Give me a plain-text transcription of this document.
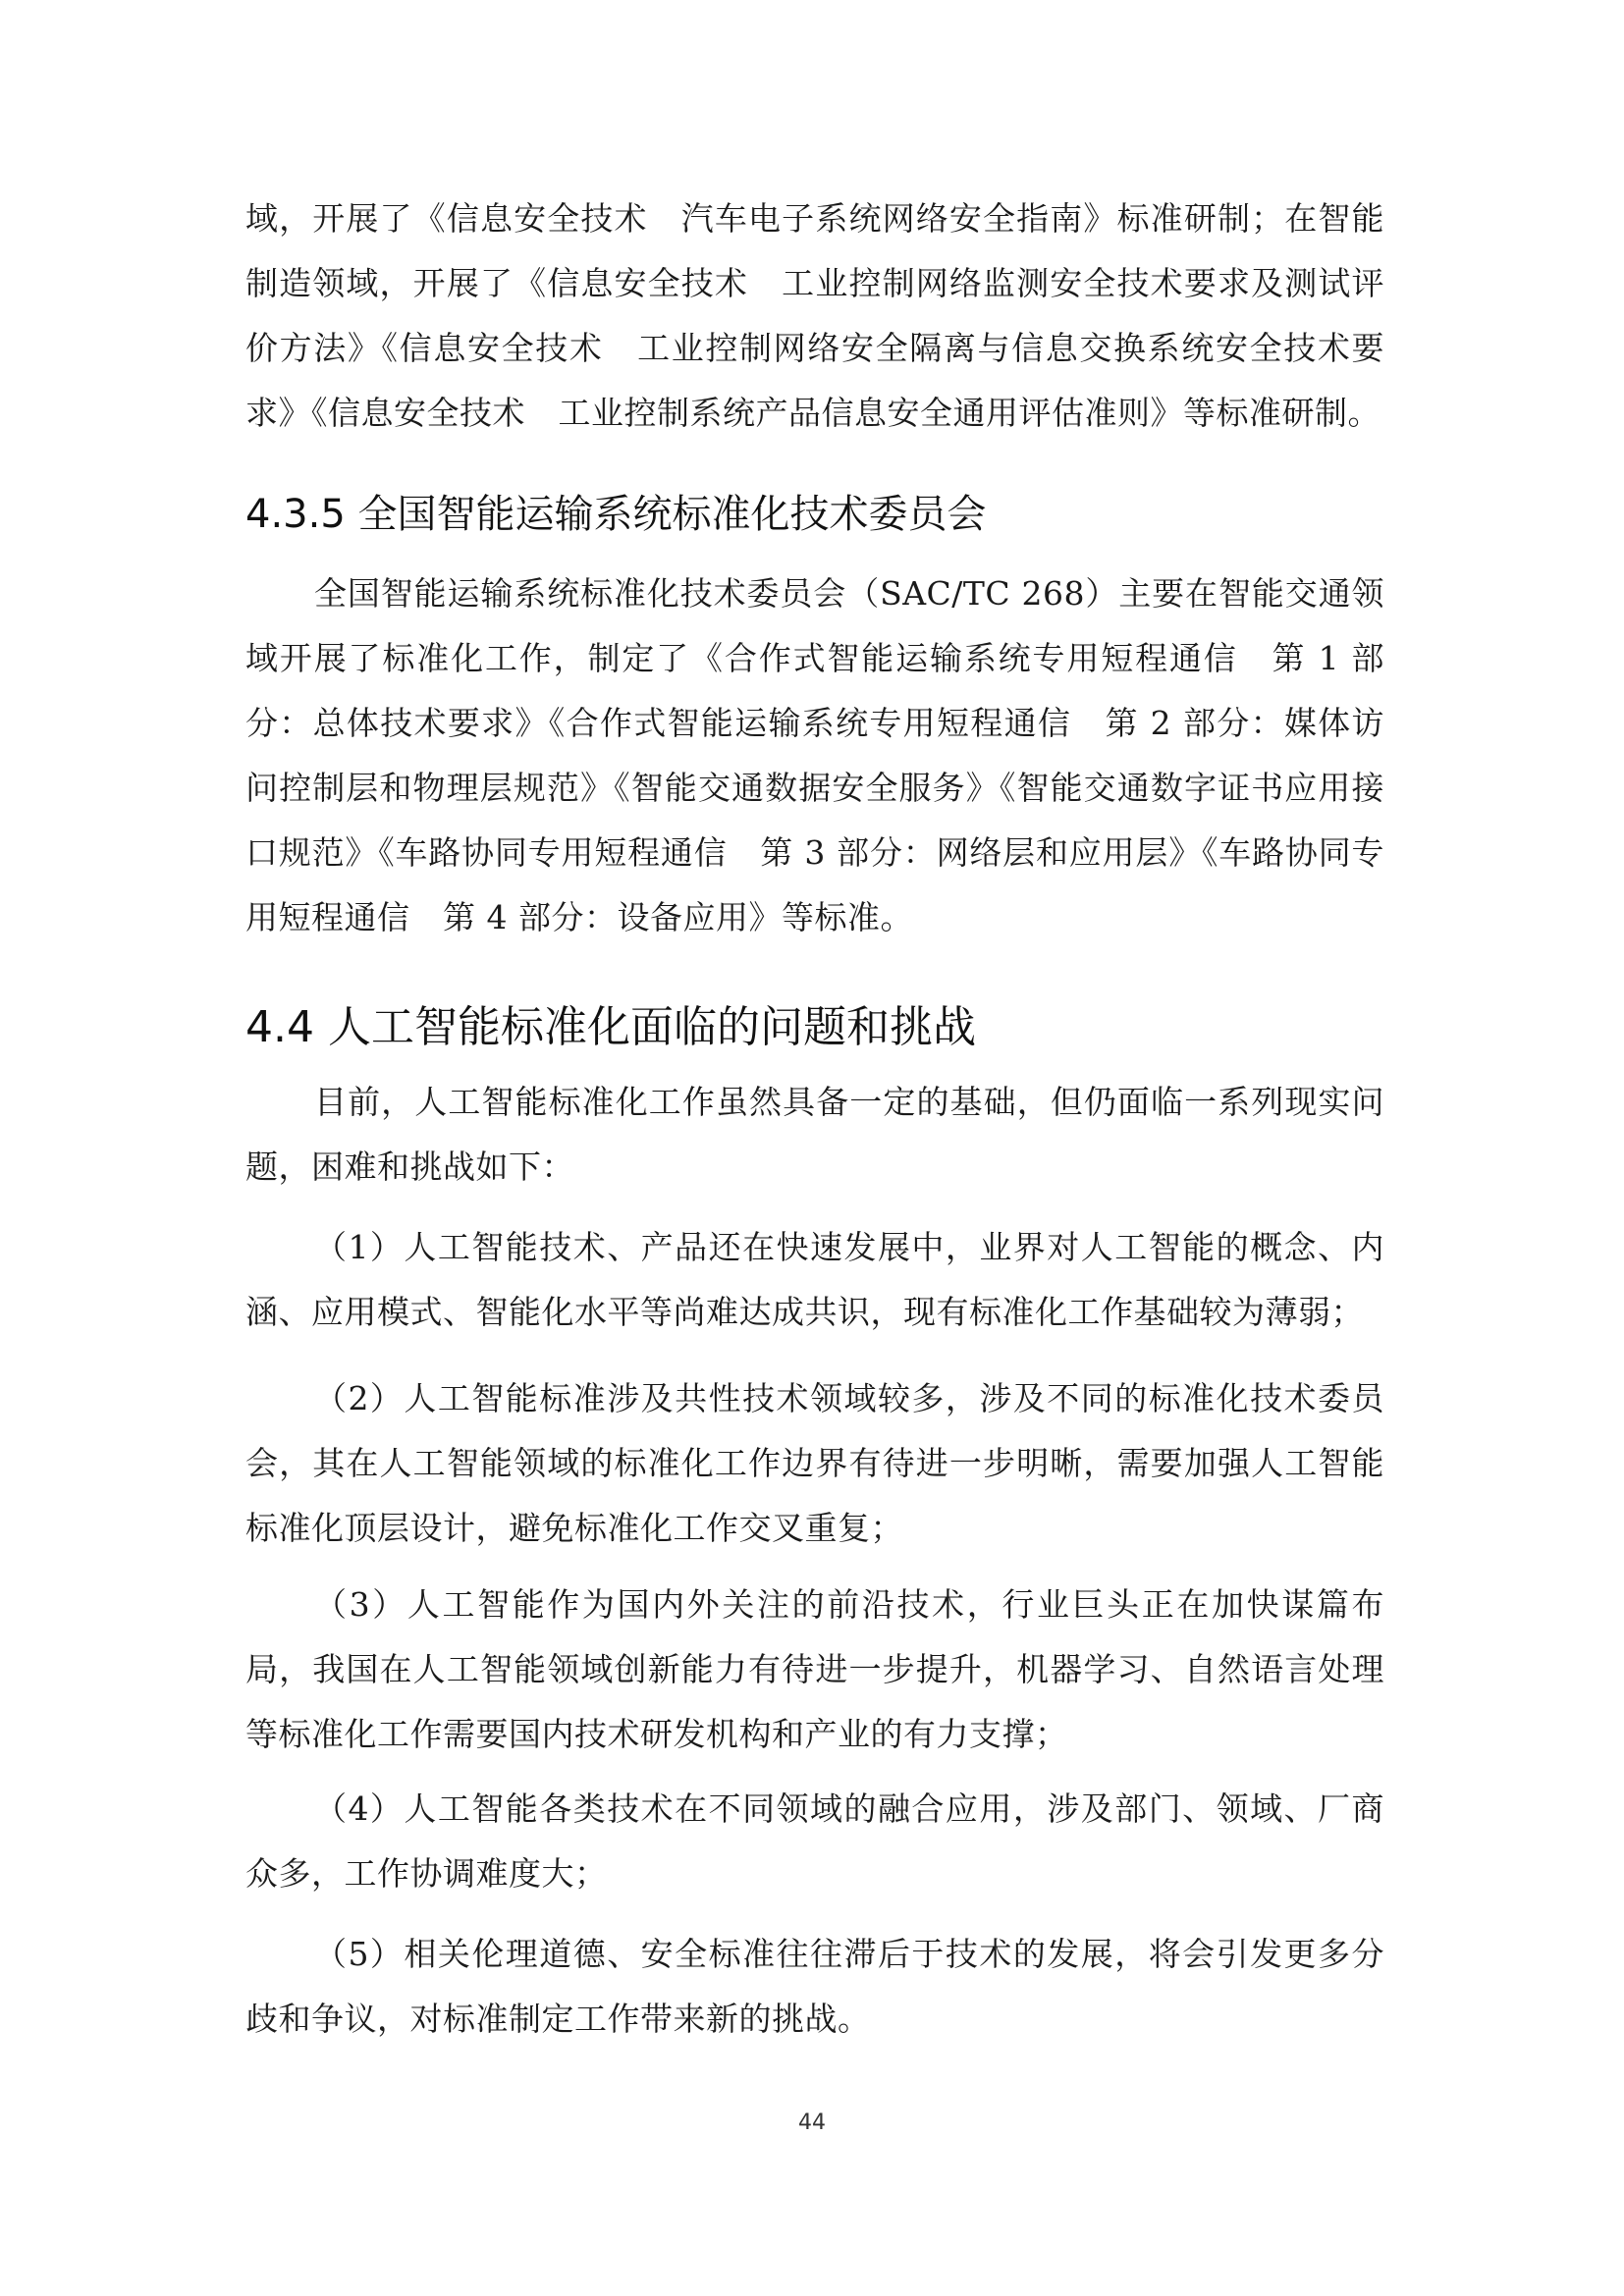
域，开展了《信息安全技术　汽车电子系统网络安全指南》标准研制；在智能制造领域，开展了《信息安全技术　工业控制网络监测安全技术要求及测试评价方法》《信息安全技术　工业控制网络安全隔离与信息交换系统安全技术要求》《信息安全技术　工业控制系统产品信息安全通用评估准则》等标准研制。

4.3.5 全国智能运输系统标准化技术委员会

全国智能运输系统标准化技术委员会（SAC/TC 268）主要在智能交通领域开展了标准化工作，制定了《合作式智能运输系统专用短程通信　第 1 部分：总体技术要求》《合作式智能运输系统专用短程通信　第 2 部分：媒体访问控制层和物理层规范》《智能交通数据安全服务》《智能交通数字证书应用接口规范》《车路协同专用短程通信　第 3 部分：网络层和应用层》《车路协同专用短程通信　第 4 部分：设备应用》等标准。

4.4 人工智能标准化面临的问题和挑战

目前，人工智能标准化工作虽然具备一定的基础，但仍面临一系列现实问题，困难和挑战如下：

（1）人工智能技术、产品还在快速发展中，业界对人工智能的概念、内涵、应用模式、智能化水平等尚难达成共识，现有标准化工作基础较为薄弱；

（2）人工智能标准涉及共性技术领域较多，涉及不同的标准化技术委员会，其在人工智能领域的标准化工作边界有待进一步明晰，需要加强人工智能标准化顶层设计，避免标准化工作交叉重复；

（3）人工智能作为国内外关注的前沿技术，行业巨头正在加快谋篇布局，我国在人工智能领域创新能力有待进一步提升，机器学习、自然语言处理等标准化工作需要国内技术研发机构和产业的有力支撑；

（4）人工智能各类技术在不同领域的融合应用，涉及部门、领域、厂商众多，工作协调难度大；

（5）相关伦理道德、安全标准往往滞后于技术的发展，将会引发更多分歧和争议，对标准制定工作带来新的挑战。

44
